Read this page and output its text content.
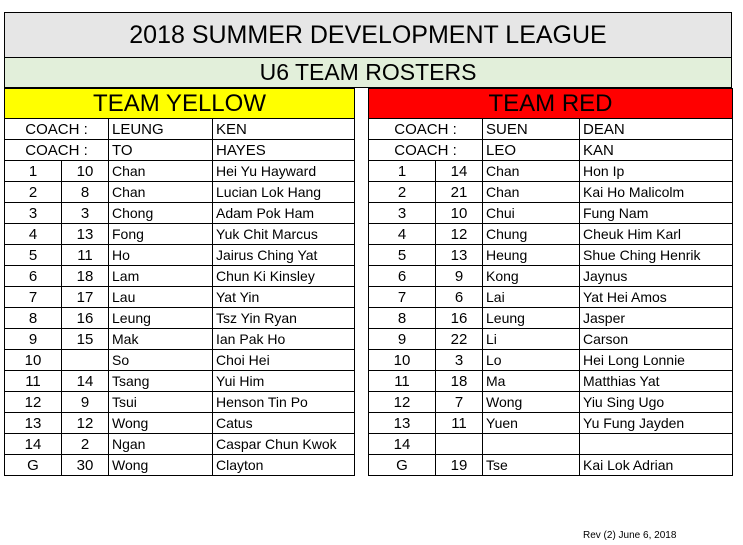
2018 SUMMER DEVELOPMENT LEAGUE
U6 TEAM ROSTERS
TEAM YELLOW					TEAM RED			
COACH :		LEUNG	KEN		COACH :		SUEN	DEAN
COACH :		TO	HAYES		COACH :		LEO	KAN
1	10	Chan	Hei Yu Hayward		1	14	Chan	Hon Ip
2	8	Chan	Lucian Lok Hang		2	21	Chan	Kai Ho Malicolm
3	3	Chong	Adam Pok Ham		3	10	Chui	Fung Nam
4	13	Fong	Yuk Chit Marcus		4	12	Chung	Cheuk Him Karl
5	11	Ho	Jairus Ching Yat		5	13	Heung	Shue Ching Henrik
6	18	Lam	Chun Ki Kinsley		6	9	Kong	Jaynus
7	17	Lau	Yat Yin		7	6	Lai	Yat Hei Amos
8	16	Leung	Tsz Yin Ryan		8	16	Leung	Jasper
9	15	Mak	Ian Pak Ho		9	22	Li	Carson
10		So	Choi Hei		10	3	Lo	Hei Long Lonnie
11	14	Tsang	Yui Him		11	18	Ma	Matthias Yat
12	9	Tsui	Henson Tin Po		12	7	Wong	Yiu Sing Ugo
13	12	Wong	Catus		13	11	Yuen	Yu Fung Jayden
14	2	Ngan	Caspar Chun Kwok		14			
G	30	Wong	Clayton		G	19	Tse	Kai Lok Adrian
Rev (2) June 6, 2018
